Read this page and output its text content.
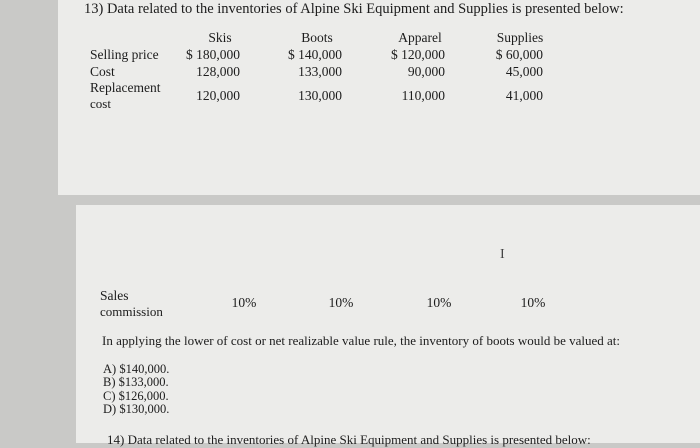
13) Data related to the inventories of Alpine Ski Equipment and Supplies is presented below:
Skis	Boots	Apparel	Supplies
Selling price	$ 180,000	$ 140,000	$ 120,000	$ 60,000
Cost	128,000	133,000	90,000	45,000
Replacement
cost
120,000	130,000	110,000	41,000
I
Sales
commission
10%	10%	10%	10%
In applying the lower of cost or net realizable value rule, the inventory of boots would be valued at:
A) $140,000.
B) $133,000.
C) $126,000.
D) $130,000.
14) Data related to the inventories of Alpine Ski Equipment and Supplies is presented below:
